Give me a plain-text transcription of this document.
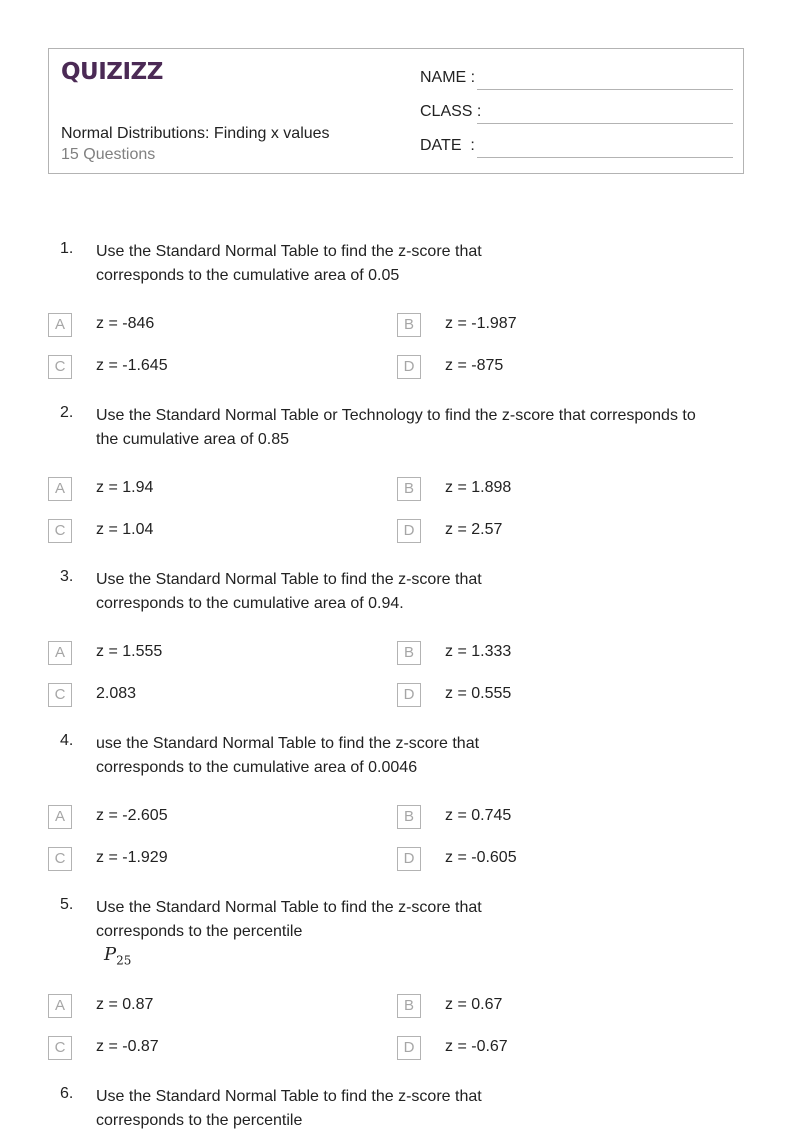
QUIZIZZ
Normal Distributions: Finding x values
15 Questions
NAME :
CLASS :
DATE  :
1. Use the Standard Normal Table to find the z-score that
corresponds to the cumulative area of 0.05
A	z = -846	B	z = -1.987
C	z = -1.645	D	z = -875
2. Use the Standard Normal Table or Technology to find the z-score that corresponds to
the cumulative area of 0.85
A	z = 1.94	B	z = 1.898
C	z = 1.04	D	z = 2.57
3. Use the Standard Normal Table to find the z-score that
corresponds to the cumulative area of 0.94.
A	z = 1.555	B	z = 1.333
C	2.083	D	z = 0.555
4. use the Standard Normal Table to find the z-score that
corresponds to the cumulative area of 0.0046
A	z = -2.605	B	z = 0.745
C	z = -1.929	D	z = -0.605
5. Use the Standard Normal Table to find the z-score that
corresponds to the percentile
$P_{25}$
A	z = 0.87	B	z = 0.67
C	z = -0.87	D	z = -0.67
6. Use the Standard Normal Table to find the z-score that
corresponds to the percentile
